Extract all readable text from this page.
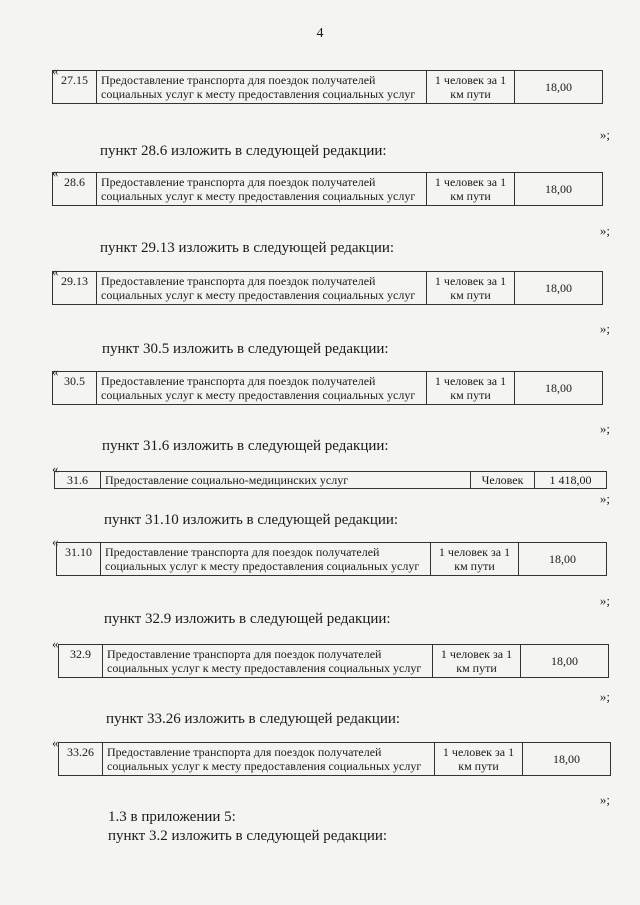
4
«
27.15	Предоставление транспорта для поездок получателей социальных услуг к месту предоставления социальных услуг	1 человек за 1 км пути	18,00
»;
пункт 28.6 изложить в следующей редакции:
«
28.6	Предоставление транспорта для поездок получателей социальных услуг к месту предоставления социальных услуг	1 человек за 1 км пути	18,00
»;
пункт 29.13 изложить в следующей редакции:
«
29.13	Предоставление транспорта для поездок получателей социальных услуг к месту предоставления социальных услуг	1 человек за 1 км пути	18,00
»;
пункт 30.5 изложить в следующей редакции:
«
30.5	Предоставление транспорта для поездок получателей социальных услуг к месту предоставления социальных услуг	1 человек за 1 км пути	18,00
»;
пункт 31.6 изложить в следующей редакции:
«
31.6	Предоставление социально-медицинских услуг	Человек	1 418,00
»;
пункт 31.10 изложить в следующей редакции:
«
31.10	Предоставление транспорта для поездок получателей социальных услуг к месту предоставления социальных услуг	1 человек за 1 км пути	18,00
»;
пункт 32.9 изложить в следующей редакции:
«
32.9	Предоставление транспорта для поездок получателей социальных услуг к месту предоставления социальных услуг	1 человек за 1 км пути	18,00
»;
пункт 33.26 изложить в следующей редакции:
«
33.26	Предоставление транспорта для поездок получателей социальных услуг к месту предоставления социальных услуг	1 человек за 1 км пути	18,00
»;
1.3 в приложении 5:
пункт 3.2 изложить в следующей редакции:
